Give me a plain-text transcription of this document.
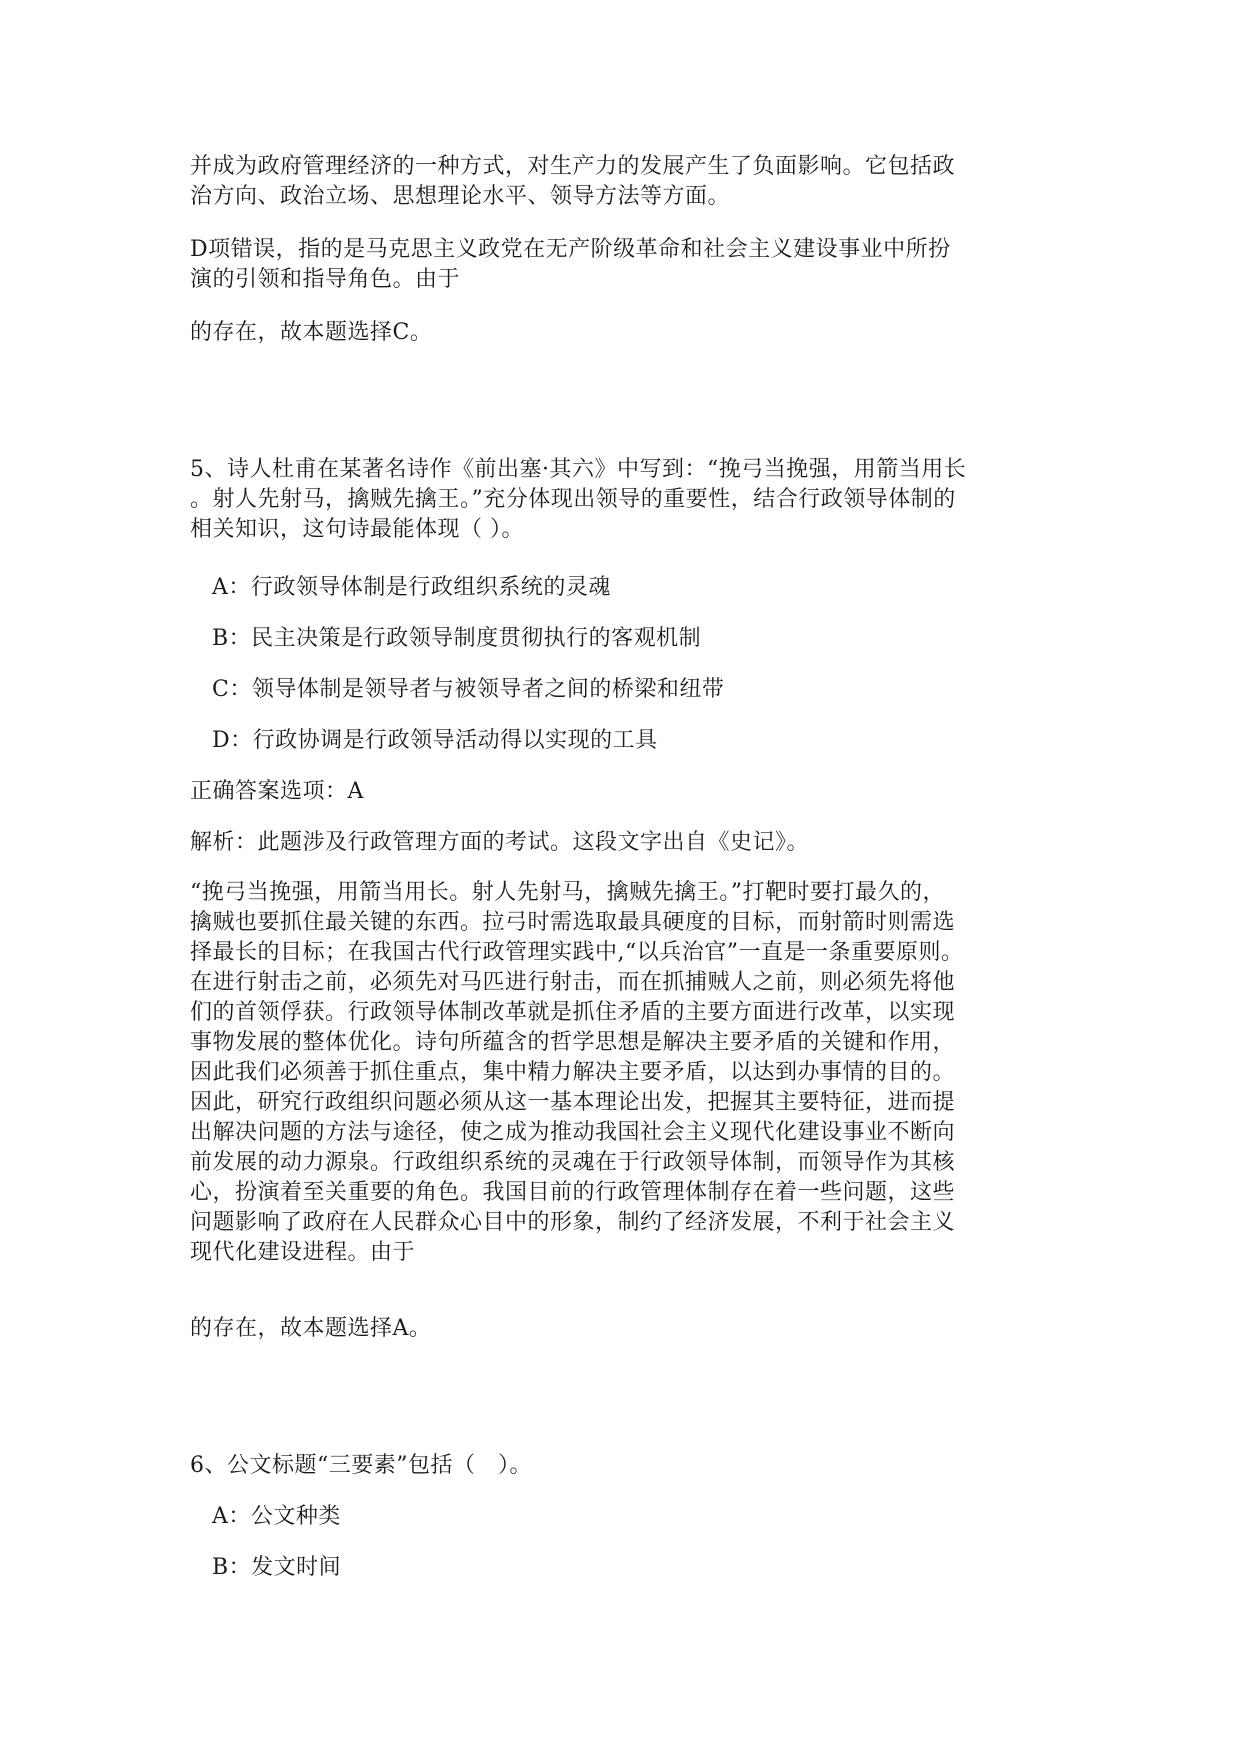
并成为政府管理经济的一种方式，对生产力的发展产生了负面影响。它包括政
治方向、政治立场、思想理论水平、领导方法等方面。

D项错误，指的是马克思主义政党在无产阶级革命和社会主义建设事业中所扮
演的引领和指导角色。由于

的存在，故本题选择C。

5、诗人杜甫在某著名诗作《前出塞·其六》中写到：“挽弓当挽强，用箭当用长
。射人先射马，擒贼先擒王。”充分体现出领导的重要性，结合行政领导体制的
相关知识，这句诗最能体现（ ）。

A：行政领导体制是行政组织系统的灵魂

B：民主决策是行政领导制度贯彻执行的客观机制

C：领导体制是领导者与被领导者之间的桥梁和纽带

D：行政协调是行政领导活动得以实现的工具

正确答案选项：A

解析：此题涉及行政管理方面的考试。这段文字出自《史记》。

“挽弓当挽强，用箭当用长。射人先射马，擒贼先擒王。”打靶时要打最久的，
擒贼也要抓住最关键的东西。拉弓时需选取最具硬度的目标，而射箭时则需选
择最长的目标；在我国古代行政管理实践中,“以兵治官”一直是一条重要原则。
在进行射击之前，必须先对马匹进行射击，而在抓捕贼人之前，则必须先将他
们的首领俘获。行政领导体制改革就是抓住矛盾的主要方面进行改革，以实现
事物发展的整体优化。诗句所蕴含的哲学思想是解决主要矛盾的关键和作用，
因此我们必须善于抓住重点，集中精力解决主要矛盾，以达到办事情的目的。
因此，研究行政组织问题必须从这一基本理论出发，把握其主要特征，进而提
出解决问题的方法与途径，使之成为推动我国社会主义现代化建设事业不断向
前发展的动力源泉。行政组织系统的灵魂在于行政领导体制，而领导作为其核
心，扮演着至关重要的角色。我国目前的行政管理体制存在着一些问题，这些
问题影响了政府在人民群众心目中的形象，制约了经济发展，不利于社会主义
现代化建设进程。由于

的存在，故本题选择A。

6、公文标题“三要素”包括（　）。

A：公文种类

B：发文时间
